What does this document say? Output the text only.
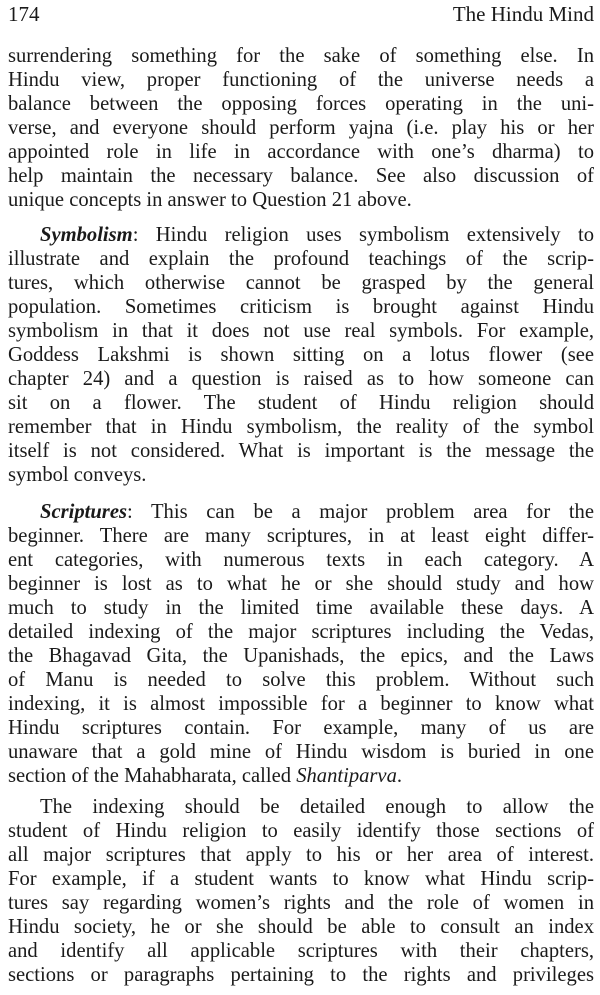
174	The Hindu Mind
surrendering something for the sake of something else. In
Hindu view, proper functioning of the universe needs a
balance between the opposing forces operating in the uni-
verse, and everyone should perform yajna (i.e. play his or her
appointed role in life in accordance with one’s dharma) to
help maintain the necessary balance. See also discussion of
unique concepts in answer to Question 21 above.
Symbolism: Hindu religion uses symbolism extensively to
illustrate and explain the profound teachings of the scrip-
tures, which otherwise cannot be grasped by the general
population. Sometimes criticism is brought against Hindu
symbolism in that it does not use real symbols. For example,
Goddess Lakshmi is shown sitting on a lotus flower (see
chapter 24) and a question is raised as to how someone can
sit on a flower. The student of Hindu religion should
remember that in Hindu symbolism, the reality of the symbol
itself is not considered. What is important is the message the
symbol conveys.
Scriptures: This can be a major problem area for the
beginner. There are many scriptures, in at least eight differ-
ent categories, with numerous texts in each category. A
beginner is lost as to what he or she should study and how
much to study in the limited time available these days. A
detailed indexing of the major scriptures including the Vedas,
the Bhagavad Gita, the Upanishads, the epics, and the Laws
of Manu is needed to solve this problem. Without such
indexing, it is almost impossible for a beginner to know what
Hindu scriptures contain. For example, many of us are
unaware that a gold mine of Hindu wisdom is buried in one
section of the Mahabharata, called Shantiparva.
The indexing should be detailed enough to allow the
student of Hindu religion to easily identify those sections of
all major scriptures that apply to his or her area of interest.
For example, if a student wants to know what Hindu scrip-
tures say regarding women’s rights and the role of women in
Hindu society, he or she should be able to consult an index
and identify all applicable scriptures with their chapters,
sections or paragraphs pertaining to the rights and privileges
